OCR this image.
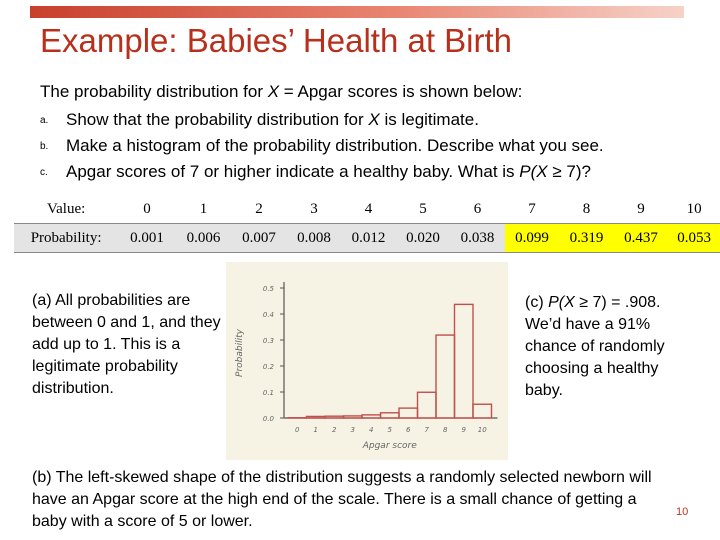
Example: Babies’ Health at Birth
The probability distribution for X = Apgar scores is shown below:
a. Show that the probability distribution for X is legitimate.
b. Make a histogram of the probability distribution. Describe what you see.
c. Apgar scores of 7 or higher indicate a healthy baby. What is P(X ≥ 7)?
Value:	0	1	2	3	4	5	6	7	8	9	10
Probability:	0.001	0.006	0.007	0.008	0.012	0.020	0.038	0.099	0.319	0.437	0.053
0.0
0.1
0.2
0.3
0.4
0.5
0 1 2 3 4 5 6 7 8 9 10
Apgar score
Probability
(a) All probabilities are between 0 and 1, and they add up to 1. This is a legitimate probability distribution.
(c) P(X ≥ 7) = .908. We’d have a 91% chance of randomly choosing a healthy baby.
(b) The left-skewed shape of the distribution suggests a randomly selected newborn will have an Apgar score at the high end of the scale. There is a small chance of getting a baby with a score of 5 or lower.
10
